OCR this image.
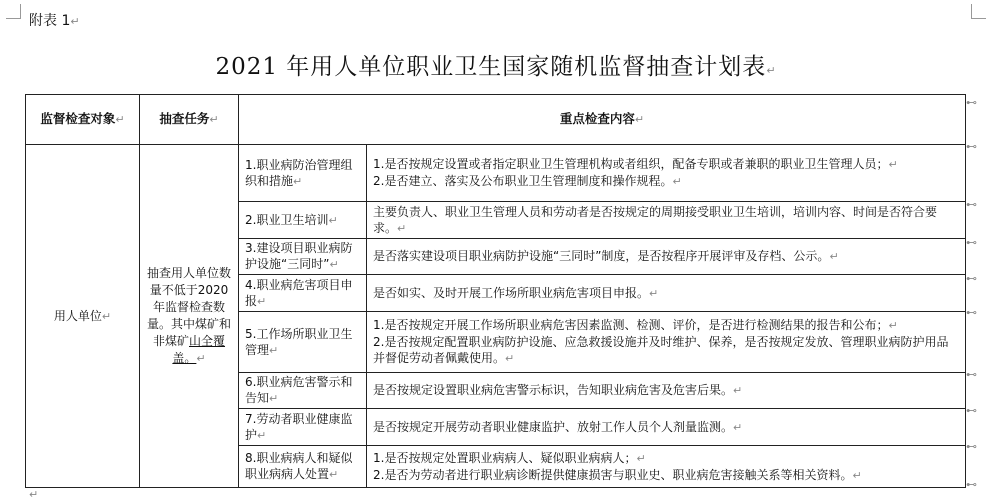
附表 1↵
2021 年用人单位职业卫生国家随机监督抽查计划表↵
监督检查对象↵	抽查任务↵	重点检查内容↵	
用人单位↵	抽查用人单位数量不低于2020年监督检查数量。其中煤矿和非煤矿山全覆盖。↵	1.职业病防治管理组织和措施↵	1.是否按规定设置或者指定职业卫生管理机构或者组织，配备专职或者兼职的职业卫生管理人员；↵
2.是否建立、落实及公布职业卫生管理制度和操作规程。↵

		2.职业卫生培训↵	主要负责人、职业卫生管理人员和劳动者是否按规定的周期接受职业卫生培训，培训内容、时间是否符合要求。↵
		3.建设项目职业病防护设施“三同时”↵	是否落实建设项目职业病防护设施“三同时”制度，是否按程序开展评审及存档、公示。↵
		4.职业病危害项目申报↵	是否如实、及时开展工作场所职业病危害项目申报。↵
		5.工作场所职业卫生管理↵	1.是否按规定开展工作场所职业病危害因素监测、检测、评价，是否进行检测结果的报告和公布；↵
2.是否按规定配置职业病防护设施、应急救援设施并及时维护、保养，是否按规定发放、管理职业病防护用品并督促劳动者佩戴使用。↵

		6.职业病危害警示和告知↵	是否按规定设置职业病危害警示标识，告知职业病危害及危害后果。↵
		7.劳动者职业健康监护↵	是否按规定开展劳动者职业健康监护、放射工作人员个人剂量监测。↵
		8.职业病病人和疑似职业病病人处置↵	1.是否按规定处置职业病病人、疑似职业病病人；↵
2.是否为劳动者进行职业病诊断提供健康损害与职业史、职业病危害接触关系等相关资料。↵
⊷
⊷
⊷
⊷
⊷
⊷
⊷
⊷
⊷
⊷
↵
